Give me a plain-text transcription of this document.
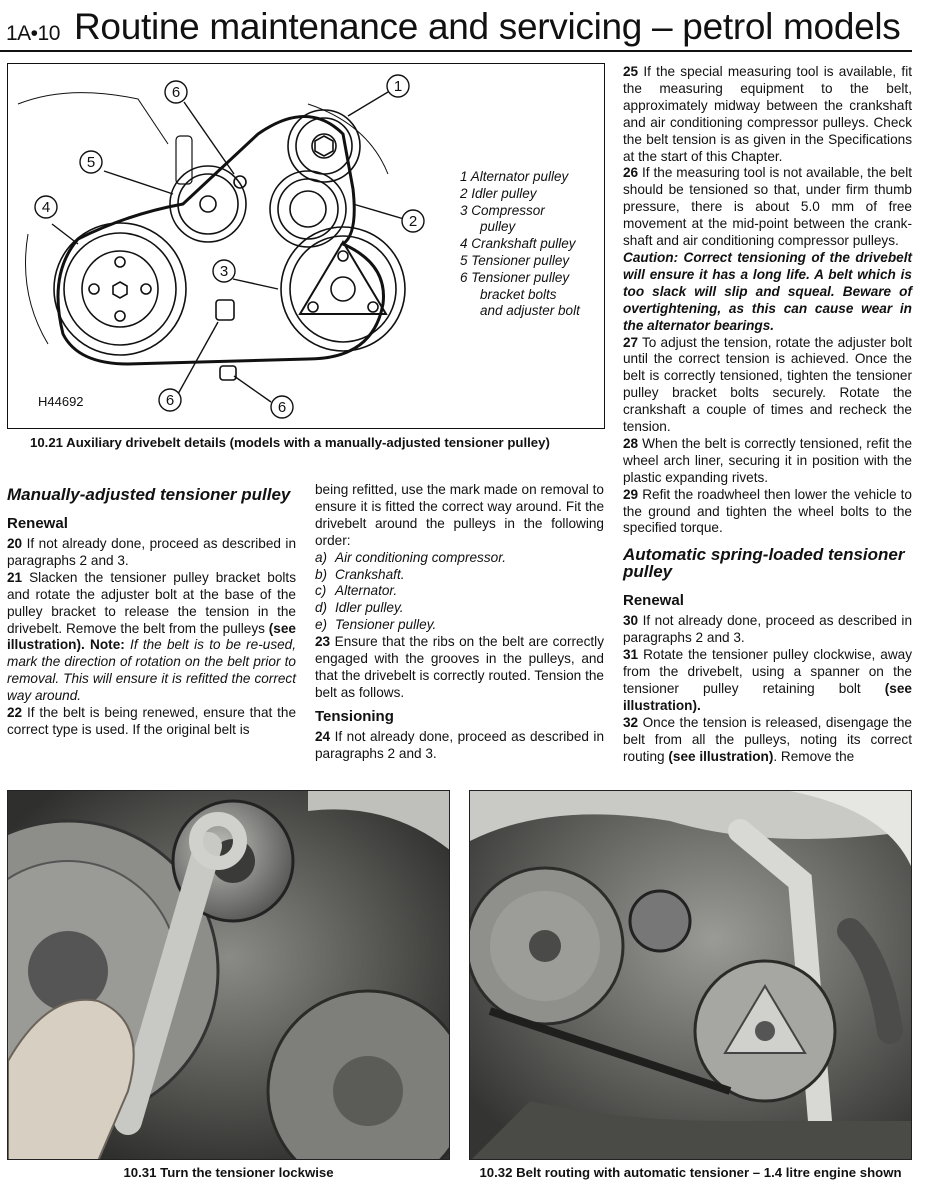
1A•10 Routine maintenance and servicing – petrol models
1
2
3
4
5
6
6	6
1 Alternator pulley
2 Idler pulley
3 Compressor
pulley
4 Crankshaft pulley
5 Tensioner pulley
6 Tensioner pulley
bracket bolts
and adjuster bolt
H44692
10.21 Auxiliary drivebelt details (models with a manually-adjusted tensioner pulley)
Manually-adjusted tensioner pulley
Renewal

20 If not already done, proceed as described in paragraphs 2 and 3.

21 Slacken the tensioner pulley bracket bolts and rotate the adjuster bolt at the base of the pulley bracket to release the tension in the drivebelt. Remove the belt from the pulleys (see illustration). Note: If the belt is to be re-used, mark the direction of rotation on the belt prior to removal. This will ensure it is refitted the correct way around.

22 If the belt is being renewed, ensure that the correct type is used. If the original belt is

being refitted, use the mark made on removal to ensure it is fitted the correct way around. Fit the drivebelt around the pulleys in the following order:

a) Air conditioning compressor.
b) Crankshaft.
c) Alternator.
d) Idler pulley.
e) Tensioner pulley.

23 Ensure that the ribs on the belt are correctly engaged with the grooves in the pulleys, and that the drivebelt is correctly routed. Tension the belt as follows.

Tensioning

24 If not already done, proceed as described in paragraphs 2 and 3.

25 If the special measuring tool is available, fit the measuring equipment to the belt, approximately midway between the crankshaft and air conditioning compressor pulleys. Check the belt tension is as given in the Specifications at the start of this Chapter.

26 If the measuring tool is not available, the belt should be tensioned so that, under firm thumb pressure, there is about 5.0 mm of free movement at the mid-point between the crank-shaft and air conditioning compressor pulleys.

Caution: Correct tensioning of the drivebelt will ensure it has a long life. A belt which is too slack will slip and squeal. Beware of overtightening, as this can cause wear in the alternator bearings.

27 To adjust the tension, rotate the adjuster bolt until the correct tension is achieved. Once the belt is correctly tensioned, tighten the tensioner pulley bracket bolts securely. Rotate the crankshaft a couple of times and recheck the tension.

28 When the belt is correctly tensioned, refit the wheel arch liner, securing it in position with the plastic expanding rivets.

29 Refit the roadwheel then lower the vehicle to the ground and tighten the wheel bolts to the specified torque.

Automatic spring-loaded tensioner pulley
Renewal

30 If not already done, proceed as described in paragraphs 2 and 3.

31 Rotate the tensioner pulley clockwise, away from the drivebelt, using a spanner on the tensioner pulley retaining bolt (see illustration).

32 Once the tension is released, disengage the belt from all the pulleys, noting its correct routing (see illustration). Remove the

10.31 Turn the tensioner lockwise	10.32 Belt routing with automatic tensioner – 1.4 litre engine shown
